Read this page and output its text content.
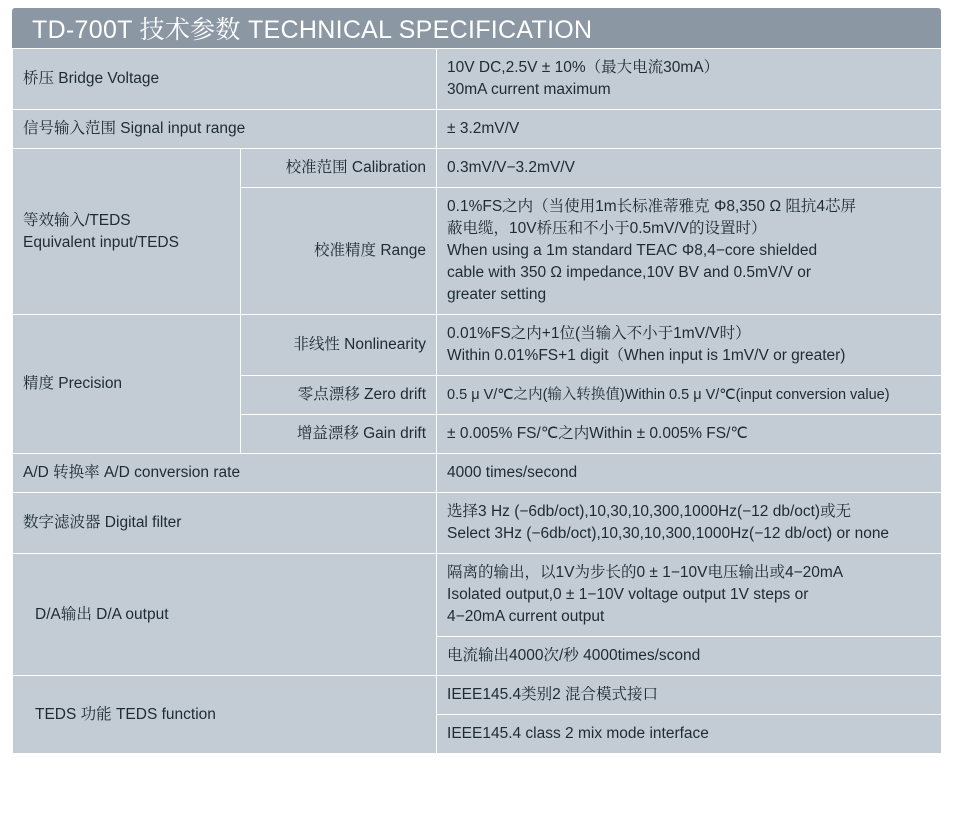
TD-700T 技术参数 TECHNICAL SPECIFICATION
桥压 Bridge Voltage		10V DC,2.5V ± 10%（最大电流30mA）
30mA current maximum

信号输入范围 Signal input range		± 3.2mV/V

等效输入/TEDS
Equivalent input/TEDS	校准范围 Calibration	0.3mV/V−3.2mV/V

	校准精度 Range	0.1%FS之内（当使用1m长标准蒂雅克 Φ8,350 Ω 阻抗4芯屏
蔽电缆，10V桥压和不小于0.5mV/V的设置时）
When using a 1m standard TEAC Φ8,4−core shielded
cable with 350 Ω impedance,10V BV and 0.5mV/V or
greater setting

精度 Precision	非线性 Nonlinearity	0.01%FS之内+1位(当输入不小于1mV/V时）
Within 0.01%FS+1 digit（When input is 1mV/V or greater)

	零点漂移 Zero drift	0.5 μ V/℃之内(输入转换值)Within 0.5 μ V/℃(input conversion value)

	增益漂移 Gain drift	± 0.005% FS/℃之内Within ± 0.005% FS/℃

A/D 转换率 A/D conversion rate		4000 times/second

数字滤波器 Digital filter		选择3 Hz (−6db/oct),10,30,10,300,1000Hz(−12 db/oct)或无
Select 3Hz (−6db/oct),10,30,10,300,1000Hz(−12 db/oct) or none

D/A输出 D/A output		隔离的输出，以1V为步长的0 ± 1−10V电压输出或4−20mA
Isolated output,0 ± 1−10V voltage output 1V steps or
4−20mA current output

		电流输出4000次/秒 4000times/scond

TEDS 功能 TEDS function		IEEE145.4类别2 混合模式接口

		IEEE145.4 class 2 mix mode interface
